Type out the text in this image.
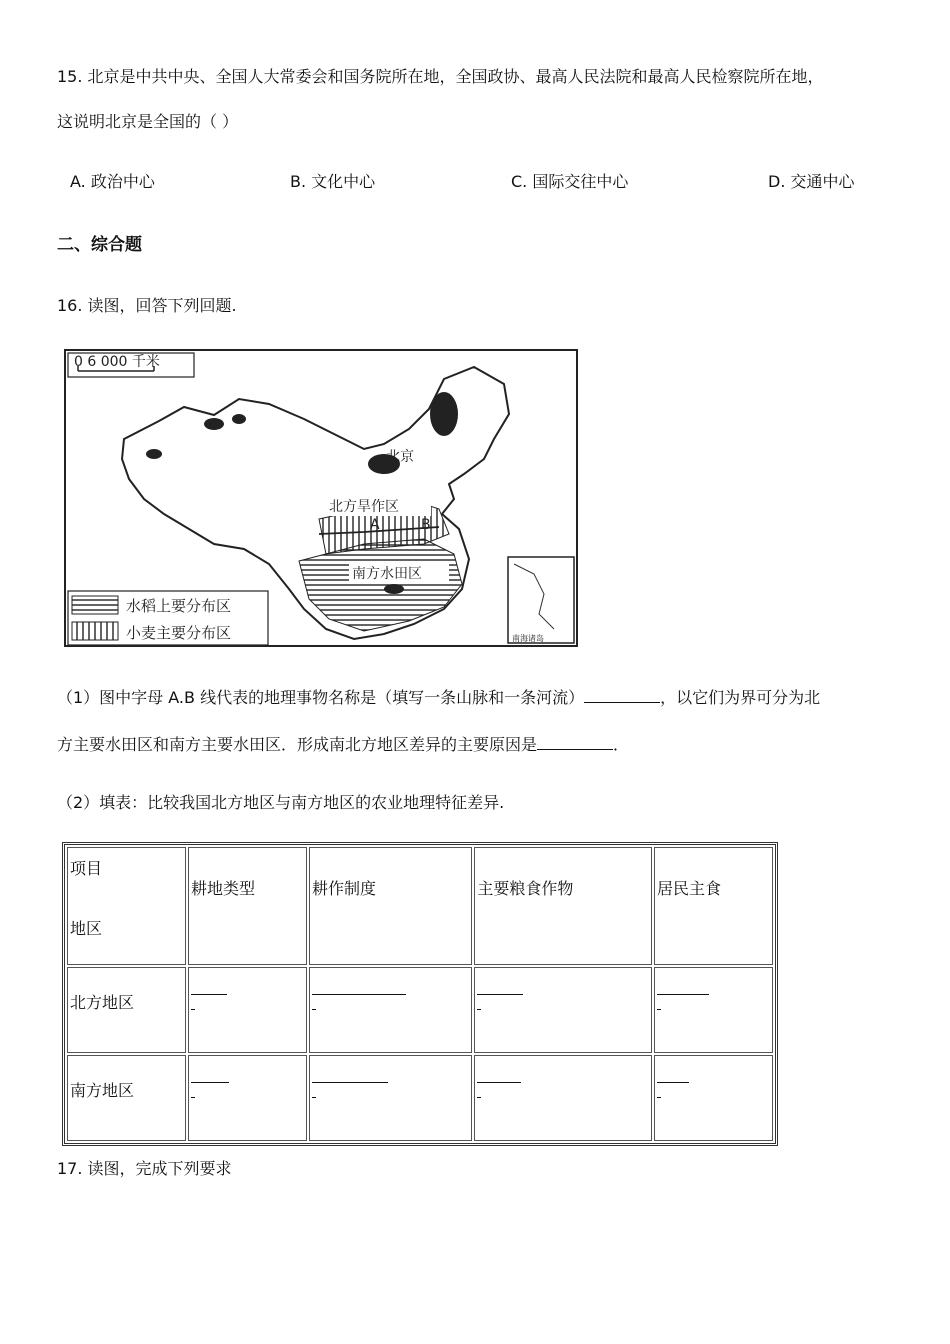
15. 北京是中共中央、全国人大常委会和国务院所在地，全国政协、最高人民法院和最高人民检察院所在地，
这说明北京是全国的（ ）
A. 政治中心	B. 文化中心	C. 国际交往中心	D. 交通中心
二、综合题
16. 读图，回答下列回题.
0 6 000 千米
北京
北方旱作区
A	B
南方水田区
南海诸岛
水稻上要分布区
小麦主要分布区
（1）图中字母 A.B 线代表的地理事物名称是（填写一条山脉和一条河流）	，以它们为界可分为北
方主要水田区和南方主要水田区．形成南北方地区差异的主要原因是	．
（2）填表：比较我国北方地区与南方地区的农业地理特征差异.
项目
地区	耕地类型	耕作制度	主要粮食作物	居民主食

北方地区				

南方地区				

17. 读图，完成下列要求
